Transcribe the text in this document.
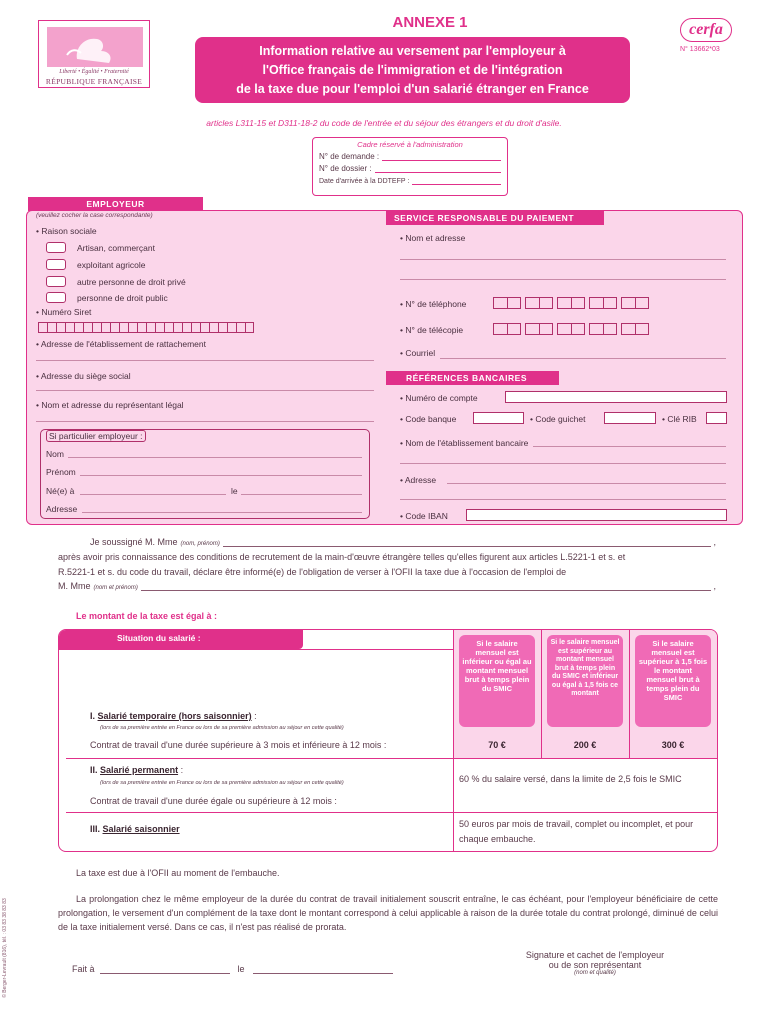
Liberté • Égalité • Fraternité
RÉPUBLIQUE FRANÇAISE
ANNEXE 1
Information relative au versement par l'employeur à
l'Office français de l'immigration et de l'intégration
de la taxe due pour l'emploi d'un salarié étranger en France
cerfa
N° 13662*03
articles L311-15 et D311-18-2 du code de l'entrée et du séjour des étrangers et du droit d'asile.
Cadre réservé à l'administration
N° de demande :
N° de dossier :
Date d'arrivée à la DDTEFP :
EMPLOYEUR
(veuillez cocher la case correspondante)
• Raison sociale
Artisan, commerçant
exploitant agricole
autre personne de droit privé
personne de droit public
• Numéro Siret
• Adresse de l'établissement de rattachement
• Adresse du siège social
• Nom et adresse du représentant légal
Si particulier employeur :
Nom
Prénom
Né(e) à	le
Adresse
SERVICE RESPONSABLE DU PAIEMENT
• Nom et adresse
• N° de téléphone
• N° de télécopie
• Courriel
RÉFÉRENCES BANCAIRES
• Numéro de compte
• Code banque	• Code guichet	• Clé RIB
• Nom de l'établissement bancaire
• Adresse
• Code IBAN
Je soussigné M. Mme (nom, prénom)	,
après avoir pris connaissance des conditions de recrutement de la main-d'œuvre étrangère telles qu'elles figurent aux articles L.5221-1 et s. et
R.5221-1 et s. du code du travail, déclare être informé(e) de l'obligation de verser à l'OFII la taxe due à l'occasion de l'emploi de
M. Mme (nom et prénom)	,
Le montant de la taxe est égal à :
Situation du salarié :
Si le salaire mensuel est inférieur ou égal au montant mensuel brut à temps plein du SMIC
Si le salaire mensuel est supérieur au montant mensuel brut à temps plein du SMIC et inférieur ou égal à 1,5 fois ce montant
Si le salaire mensuel est supérieur à 1,5 fois le montant mensuel brut à temps plein du SMIC
I. Salarié temporaire (hors saisonnier) :
(lors de sa première entrée en France ou lors de sa première admission au séjour en cette qualité)
Contrat de travail d'une durée supérieure à 3 mois et inférieure à 12 mois :	70 €	200 €	300 €
II. Salarié permanent :
(lors de sa première entrée en France ou lors de sa première admission au séjour en cette qualité)
Contrat de travail d'une durée égale ou supérieure à 12 mois :
60 % du salaire versé, dans la limite de 2,5 fois le SMIC
III. Salarié saisonnier	50 euros par mois de travail, complet ou incomplet, et pour chaque embauche.
La taxe est due à l'OFII au moment de l'embauche.
La prolongation chez le même employeur de la durée du contrat de travail initialement souscrit entraîne, le cas échéant, pour l'employeur bénéficiaire de cette prolongation, le versement d'un complément de la taxe dont le montant correspond à celui applicable à raison de la durée totale du contrat prolongé, diminué de celui de la taxe initialement versé. Dans ce cas, il n'est pas réalisé de prorata.
Fait à	le
Signature et cachet de l'employeur
ou de son représentant
(nom et qualité)
© Berger-Levrault (816), tél. : 03 83 38 83 83
